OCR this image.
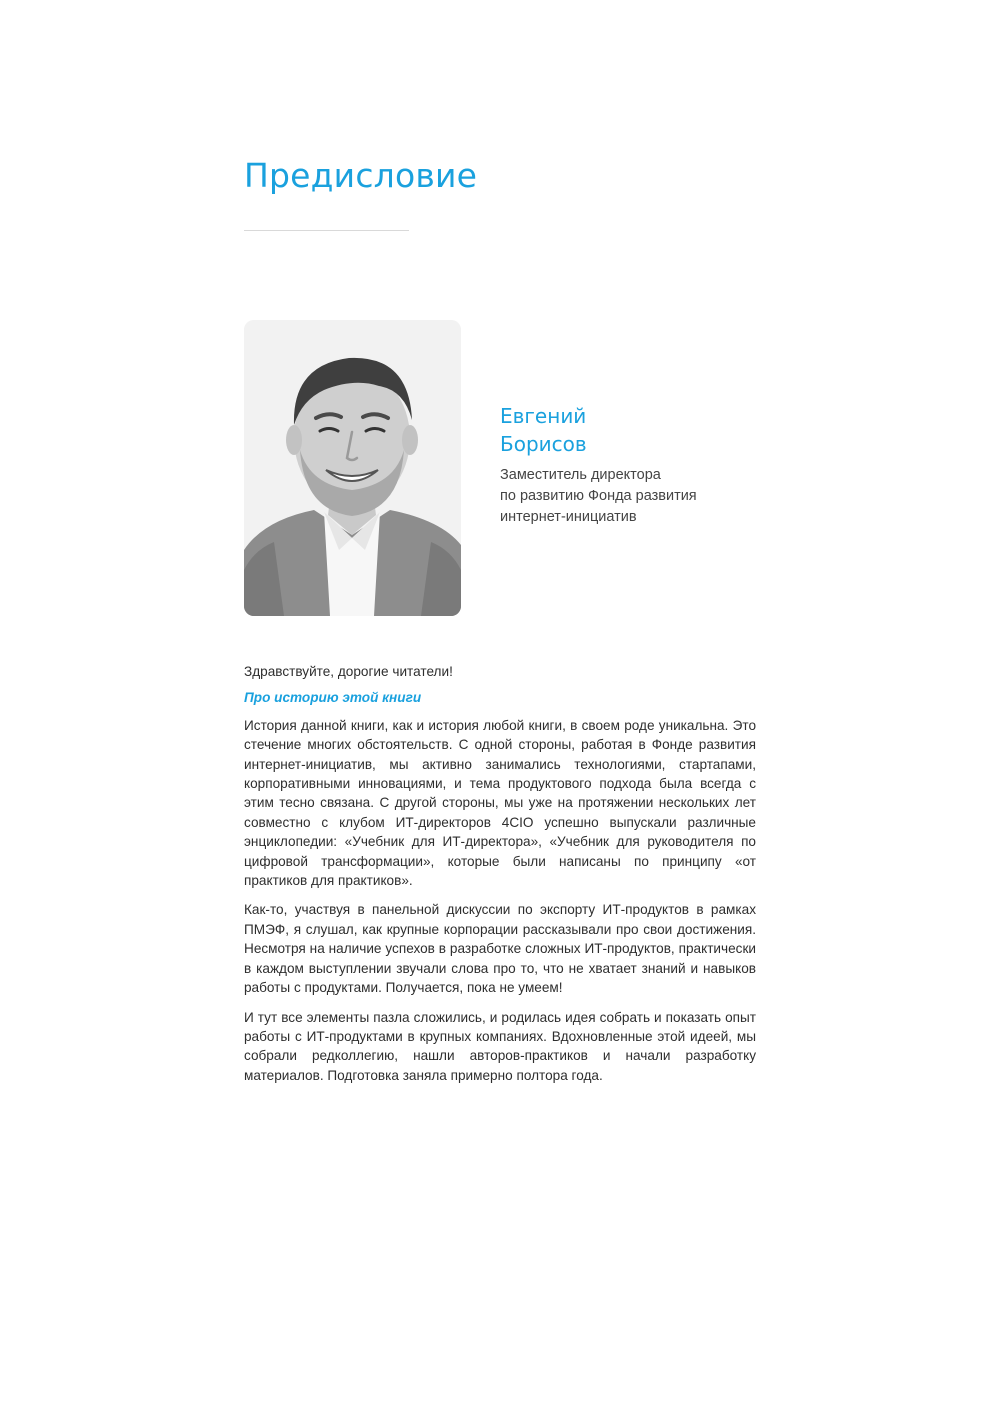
Предисловие
Евгений
Борисов
Заместитель директора
по развитию Фонда развития
интернет-инициатив

Здравствуйте, дорогие читатели!

Про историю этой книги

История данной книги, как и история любой книги, в своем роде уникальна. Это стечение многих обстоятельств. С одной стороны, работая в Фонде развития интернет-инициатив, мы активно занимались технологиями, стартапами, корпоративными инновациями, и тема продуктового подхода была всегда с этим тесно связана. С другой стороны, мы уже на протяжении нескольких лет совместно с клубом ИТ-директоров 4CIO успешно выпускали различные энциклопедии: «Учебник для ИТ-директора», «Учебник для руководителя по цифровой трансформации», которые были написаны по принципу «от практиков для практиков».

Как-то, участвуя в панельной дискуссии по экспорту ИТ-продуктов в рамках ПМЭФ, я слушал, как крупные корпорации рассказывали про свои достижения. Несмотря на наличие успехов в разработке сложных ИТ-продуктов, практически в каждом выступлении звучали слова про то, что не хватает знаний и навыков работы с продуктами. Получается, пока не умеем!

И тут все элементы пазла сложились, и родилась идея собрать и показать опыт работы с ИТ-продуктами в крупных компаниях. Вдохновленные этой идеей, мы собрали редколлегию, нашли авторов-практиков и начали разработку материалов. Подготовка заняла примерно полтора года.
